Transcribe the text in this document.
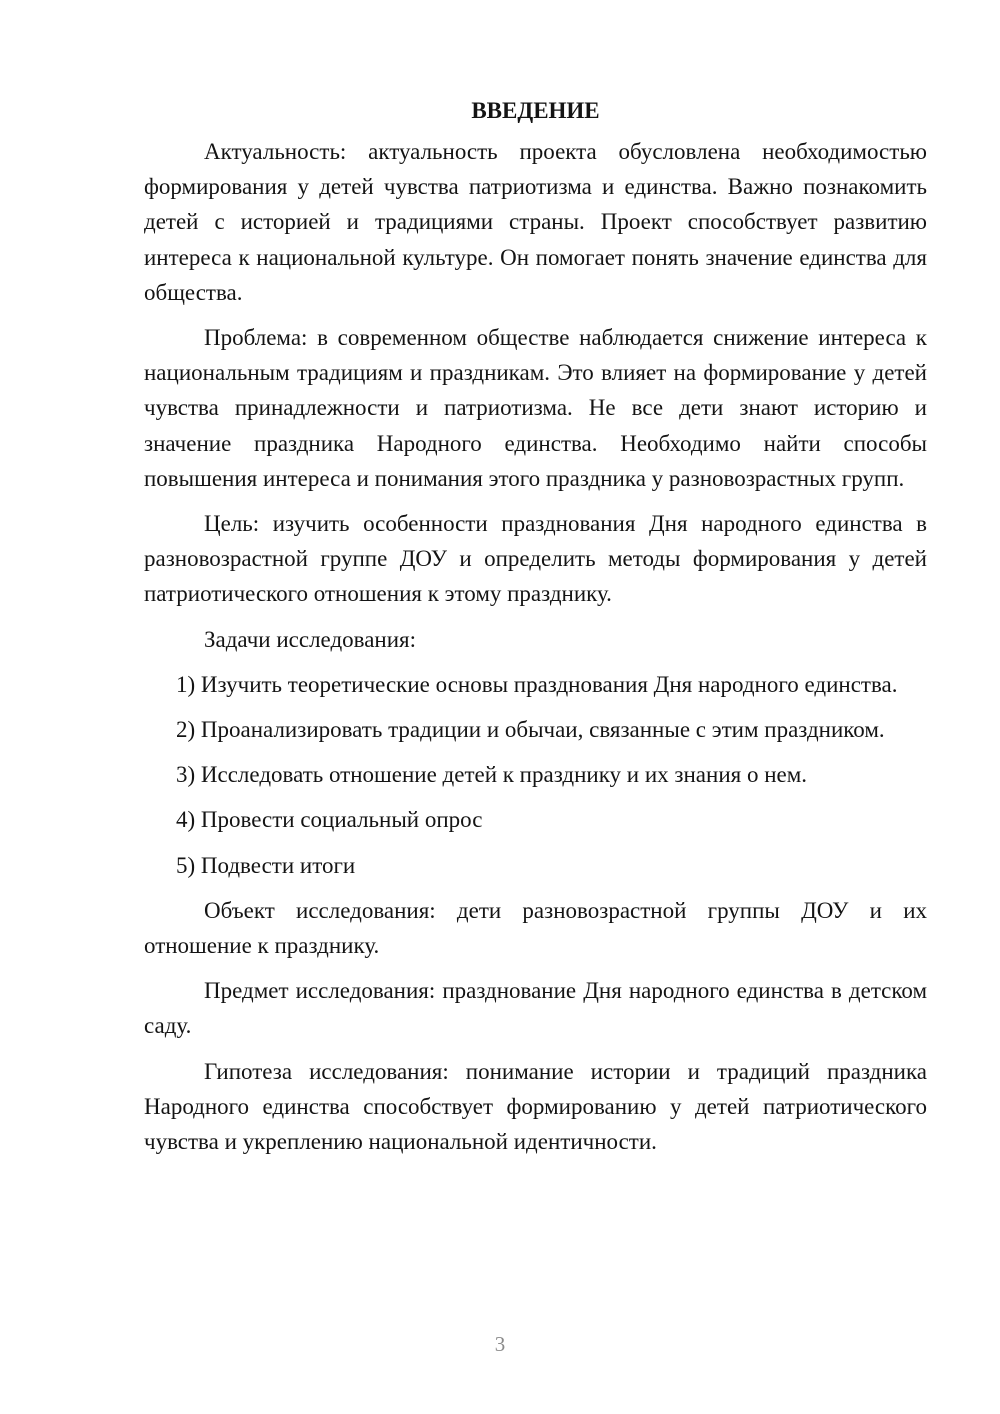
ВВЕДЕНИЕ

Актуальность: актуальность проекта обусловлена необходимостью формирования у детей чувства патриотизма и единства. Важно познакомить детей с историей и традициями страны. Проект способствует развитию интереса к национальной культуре. Он помогает понять значение единства для общества.

Проблема: в современном обществе наблюдается снижение интереса к национальным традициям и праздникам. Это влияет на формирование у детей чувства принадлежности и патриотизма. Не все дети знают историю и значение праздника Народного единства. Необходимо найти способы повышения интереса и понимания этого праздника у разновозрастных групп.

Цель: изучить особенности празднования Дня народного единства в разновозрастной группе ДОУ и определить методы формирования у детей патриотического отношения к этому празднику.

Задачи исследования:

1) Изучить теоретические основы празднования Дня народного единства.

2) Проанализировать традиции и обычаи, связанные с этим праздником.

3) Исследовать отношение детей к празднику и их знания о нем.

4) Провести социальный опрос

5) Подвести итоги

Объект исследования: дети разновозрастной группы ДОУ и их отношение к празднику.

Предмет исследования: празднование Дня народного единства в детском саду.

Гипотеза исследования: понимание истории и традиций праздника Народного единства способствует формированию у детей патриотического чувства и укреплению национальной идентичности.

3
